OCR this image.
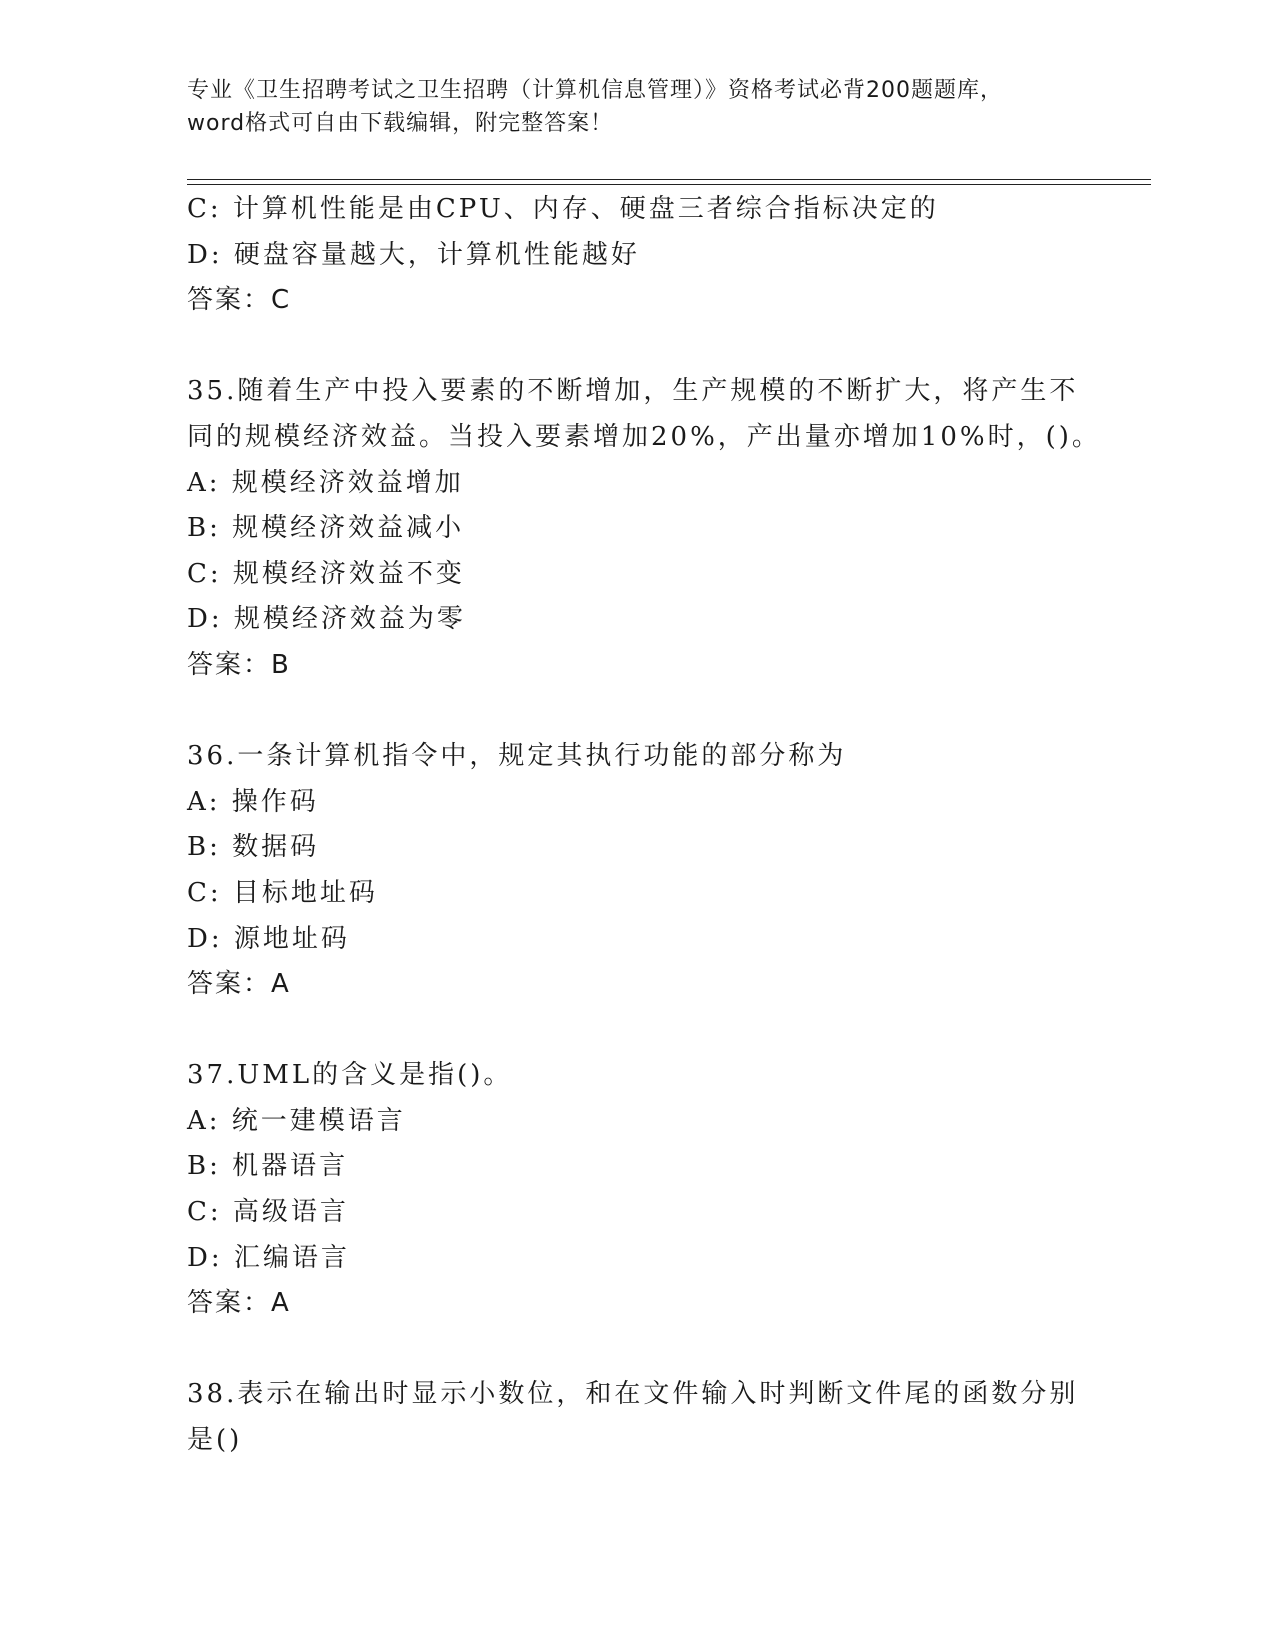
专业《卫生招聘考试之卫生招聘（计算机信息管理）》资格考试必背200题题库，
word格式可自由下载编辑，附完整答案！
C: 计算机性能是由CPU、内存、硬盘三者综合指标决定的
D: 硬盘容量越大，计算机性能越好
答案：C
35.随着生产中投入要素的不断增加，生产规模的不断扩大，将产生不
同的规模经济效益。当投入要素增加20%，产出量亦增加10%时，()。
A: 规模经济效益增加
B: 规模经济效益减小
C: 规模经济效益不变
D: 规模经济效益为零
答案：B
36.一条计算机指令中，规定其执行功能的部分称为
A: 操作码
B: 数据码
C: 目标地址码
D: 源地址码
答案：A
37.UML的含义是指()。
A: 统一建模语言
B: 机器语言
C: 高级语言
D: 汇编语言
答案：A
38.表示在输出时显示小数位，和在文件输入时判断文件尾的函数分别
是()
